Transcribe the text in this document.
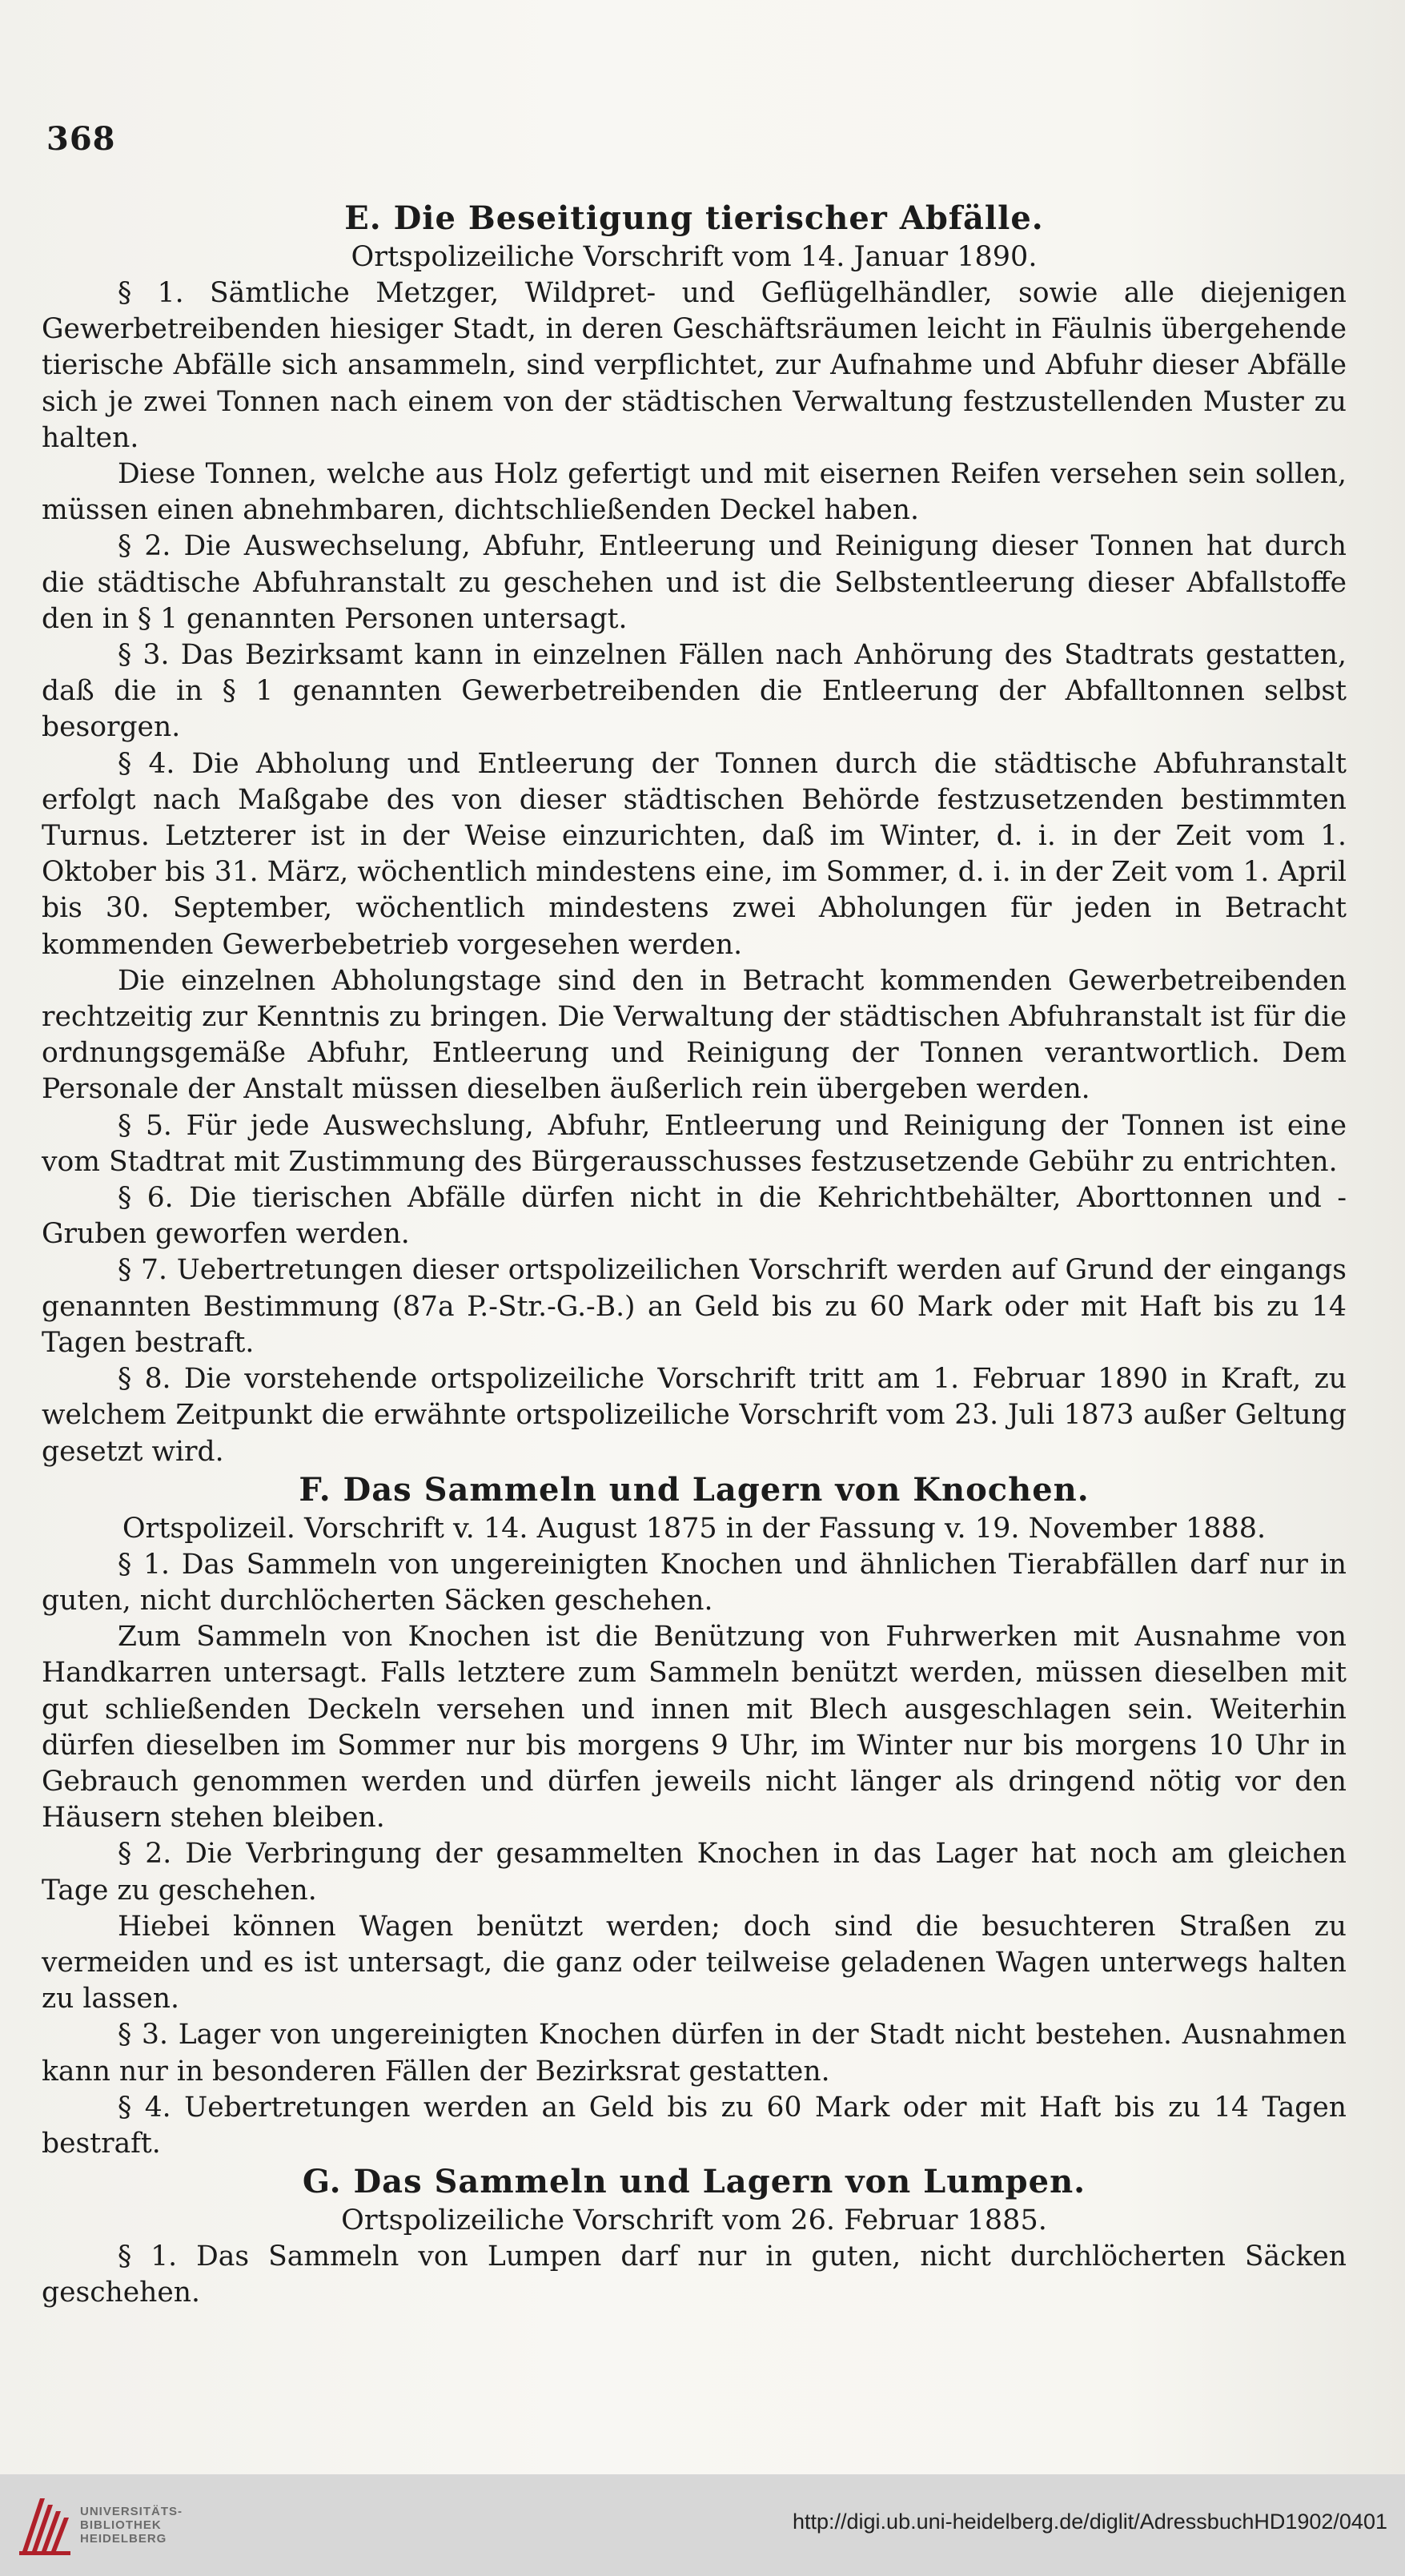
368
E. Die Beseitigung tierischer Abfälle.

Ortspolizeiliche Vorschrift vom 14. Januar 1890.

§ 1. Sämtliche Metzger, Wildpret- und Geflügelhändler, sowie alle diejenigen Gewerbetreibenden hiesiger Stadt, in deren Geschäftsräumen leicht in Fäulnis übergehende tierische Abfälle sich ansammeln, sind verpflichtet, zur Aufnahme und Abfuhr dieser Abfälle sich je zwei Tonnen nach einem von der städtischen Verwaltung festzustellenden Muster zu halten.

Diese Tonnen, welche aus Holz gefertigt und mit eisernen Reifen versehen sein sollen, müssen einen abnehmbaren, dichtschließenden Deckel haben.

§ 2. Die Auswechselung, Abfuhr, Entleerung und Reinigung dieser Tonnen hat durch die städtische Abfuhranstalt zu geschehen und ist die Selbstentleerung dieser Abfallstoffe den in § 1 genannten Personen untersagt.

§ 3. Das Bezirksamt kann in einzelnen Fällen nach Anhörung des Stadtrats gestatten, daß die in § 1 genannten Gewerbetreibenden die Entleerung der Abfalltonnen selbst besorgen.

§ 4. Die Abholung und Entleerung der Tonnen durch die städtische Abfuhranstalt erfolgt nach Maßgabe des von dieser städtischen Behörde festzusetzenden bestimmten Turnus. Letzterer ist in der Weise einzurichten, daß im Winter, d. i. in der Zeit vom 1. Oktober bis 31. März, wöchentlich mindestens eine, im Sommer, d. i. in der Zeit vom 1. April bis 30. September, wöchentlich mindestens zwei Abholungen für jeden in Betracht kommenden Gewerbebetrieb vorgesehen werden.

Die einzelnen Abholungstage sind den in Betracht kommenden Gewerbetreibenden rechtzeitig zur Kenntnis zu bringen. Die Verwaltung der städtischen Abfuhranstalt ist für die ordnungsgemäße Abfuhr, Entleerung und Reinigung der Tonnen verantwortlich. Dem Personale der Anstalt müssen dieselben äußerlich rein übergeben werden.

§ 5. Für jede Auswechslung, Abfuhr, Entleerung und Reinigung der Tonnen ist eine vom Stadtrat mit Zustimmung des Bürgerausschusses festzusetzende Gebühr zu entrichten.

§ 6. Die tierischen Abfälle dürfen nicht in die Kehrichtbehälter, Aborttonnen und -Gruben geworfen werden.

§ 7. Uebertretungen dieser ortspolizeilichen Vorschrift werden auf Grund der eingangs genannten Bestimmung (87a P.-Str.-G.-B.) an Geld bis zu 60 Mark oder mit Haft bis zu 14 Tagen bestraft.

§ 8. Die vorstehende ortspolizeiliche Vorschrift tritt am 1. Februar 1890 in Kraft, zu welchem Zeitpunkt die erwähnte ortspolizeiliche Vorschrift vom 23. Juli 1873 außer Geltung gesetzt wird.

F. Das Sammeln und Lagern von Knochen.

Ortspolizeil. Vorschrift v. 14. August 1875 in der Fassung v. 19. November 1888.

§ 1. Das Sammeln von ungereinigten Knochen und ähnlichen Tierabfällen darf nur in guten, nicht durchlöcherten Säcken geschehen.

Zum Sammeln von Knochen ist die Benützung von Fuhrwerken mit Ausnahme von Handkarren untersagt. Falls letztere zum Sammeln benützt werden, müssen dieselben mit gut schließenden Deckeln versehen und innen mit Blech ausgeschlagen sein. Weiterhin dürfen dieselben im Sommer nur bis morgens 9 Uhr, im Winter nur bis morgens 10 Uhr in Gebrauch genommen werden und dürfen jeweils nicht länger als dringend nötig vor den Häusern stehen bleiben.

§ 2. Die Verbringung der gesammelten Knochen in das Lager hat noch am gleichen Tage zu geschehen.

Hiebei können Wagen benützt werden; doch sind die besuchteren Straßen zu vermeiden und es ist untersagt, die ganz oder teilweise geladenen Wagen unterwegs halten zu lassen.

§ 3. Lager von ungereinigten Knochen dürfen in der Stadt nicht bestehen. Ausnahmen kann nur in besonderen Fällen der Bezirksrat gestatten.

§ 4. Uebertretungen werden an Geld bis zu 60 Mark oder mit Haft bis zu 14 Tagen bestraft.

G. Das Sammeln und Lagern von Lumpen.

Ortspolizeiliche Vorschrift vom 26. Februar 1885.

§ 1. Das Sammeln von Lumpen darf nur in guten, nicht durchlöcherten Säcken geschehen.

UNIVERSITÄTS-
BIBLIOTHEK
HEIDELBERG
http://digi.ub.uni-heidelberg.de/diglit/AdressbuchHD1902/0401
